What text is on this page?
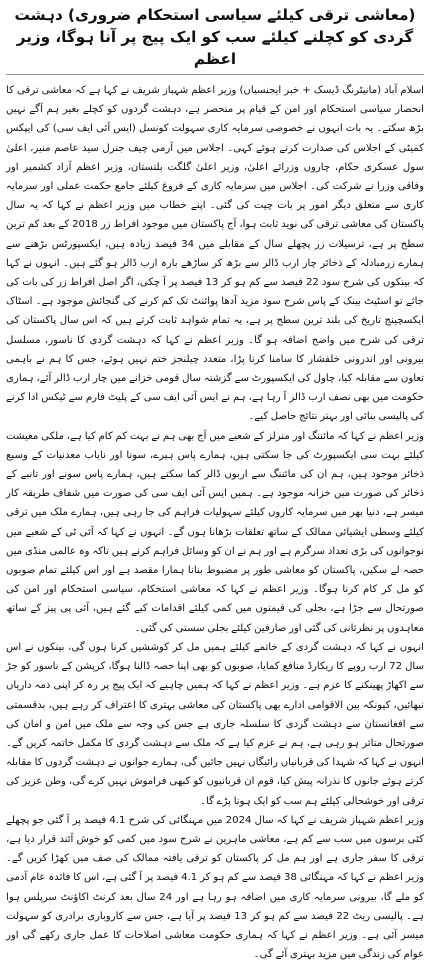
(معاشی ترقی کیلئے سیاسی استحکام ضروری) دہشت گردی کو کچلنے کیلئے سب کو ایک پیج پر آنا ہوگا، وزیر اعظم

اسلام آباد (مانیٹرنگ ڈیسک + خبر ایجنسیاں) وزیر اعظم شہباز شریف نے کہا ہے کہ معاشی ترقی کا انحصار سیاسی استحکام اور امن کے قیام پر منحصر ہے، دہشت گردوں کو کچلے بغیر ہم آگے نہیں بڑھ سکتے۔ یہ بات انہوں نے خصوصی سرمایہ کاری سہولت کونسل (ایس آئی ایف سی) کی ایپکس کمیٹی کے اجلاس کی صدارت کرتے ہوئے کہی۔ اجلاس میں آرمی چیف جنرل سید عاصم منیر، اعلیٰ سول عسکری حکام، چاروں وزرائے اعلیٰ، وزیر اعلیٰ گلگت بلتستان، وزیر اعظم آزاد کشمیر اور وفاقی وزرا نے شرکت کی۔ اجلاس میں سرمایہ کاری کے فروغ کیلئے جامع حکمت عملی اور سرمایہ کاری سے متعلق دیگر امور پر بات چیت کی گئی۔ اپنے خطاب میں وزیر اعظم نے کہا کہ یہ سال پاکستان کی معاشی ترقی کی نوید ثابت ہوا، آج پاکستان میں موجود افراط زر 2018 کے بعد کم ترین سطح پر ہے، ترسیلات زر پچھلے سال کے مقابلے میں 34 فیصد زیادہ ہیں، ایکسپورٹس بڑھنے سے ہمارے زرمبادلہ کے ذخائر چار ارب ڈالر سے بڑھ کر ساڑھے بارہ ارب ڈالر ہو گئے ہیں۔ انہوں نے کہا کہ بینکوں کی شرح سود 22 فیصد سے کم ہو کر 13 فیصد پر آ چکی، اگر اصل افراط زر کی بات کی جائے تو اسٹیٹ بینک کے پاس شرح سود مزید آدھا پوائنٹ تک کم کرنے کی گنجائش موجود ہے۔ اسٹاک ایکسچینج تاریخ کی بلند ترین سطح پر ہے، یہ تمام شواہد ثابت کرتے ہیں کہ اس سال پاکستان کی ترقی کی شرح میں واضح اضافہ ہو گا۔ وزیر اعظم نے کہا کہ دہشت گردی کا ناسور، مسلسل بیرونی اور اندرونی خلفشار کا سامنا کرنا پڑا، متعدد چیلنجز ختم نہیں ہوئے، جس کا ہم نے باہمی تعاون سے مقابلہ کیا، چاول کی ایکسپورٹ سے گزشتہ سال قومی خزانے میں چار ارب ڈالر آئے، ہماری حکومت میں بھی نصف ارب ڈالر آ رہا ہے، ہم نے ایس آئی ایف سی کے پلیٹ فارم سے ٹیکس ادا کرنے کی پالیسی بنائی اور بہتر نتائج حاصل کیے۔

وزیر اعظم نے کہا کہ مائننگ اور منرلز کے شعبے میں آج بھی ہم نے بہت کم کام کیا ہے، ملکی معیشت کیلئے بہت سی ایکسپورٹ کی جا سکتی ہیں، ہمارے پاس ہیرے، سونا اور نایاب معدنیات کے وسیع ذخائر موجود ہیں، ہم ان کی مائننگ سے اربوں ڈالر کما سکتے ہیں، ہمارے پاس سونے اور تانبے کے ذخائر کی صورت میں خزانہ موجود ہے۔ ہمیں ایس آئی ایف سی کی صورت میں شفاف طریقہ کار میسر ہے، دنیا بھر میں سرمایہ کاروں کیلئے سہولیات فراہم کی جا رہی ہیں، ہمارے ملک میں ترقی کیلئے وسطی ایشیائی ممالک کے ساتھ تعلقات بڑھانا ہوں گے۔ انہوں نے کہا کہ آئی ٹی کے شعبے میں نوجوانوں کی بڑی تعداد سرگرم ہے اور ہم نے ان کو وسائل فراہم کرنے ہیں تاکہ وہ عالمی منڈی میں حصہ لے سکیں، پاکستان کو معاشی طور پر مضبوط بنانا ہمارا مقصد ہے اور اس کیلئے تمام صوبوں کو مل کر کام کرنا ہوگا۔ وزیر اعظم نے کہا کہ معاشی استحکام، سیاسی استحکام اور امن کی صورتحال سے جڑا ہے، بجلی کی قیمتوں میں کمی کیلئے اقدامات کیے گئے ہیں، آئی پی پیز کے ساتھ معاہدوں پر نظرثانی کی گئی اور صارفین کیلئے بجلی سستی کی گئی۔

انہوں نے کہا کہ دہشت گردی کے خاتمے کیلئے ہمیں مل کر کوششیں کرنا ہوں گی، بینکوں نے اس سال 72 ارب روپے کا ریکارڈ منافع کمایا، صوبوں کو بھی اپنا حصہ ڈالنا ہوگا، کرپشن کے ناسور کو جڑ سے اکھاڑ پھینکنے کا عزم ہے۔ وزیر اعظم نے کہا کہ ہمیں چاہیے کہ ایک پیج پر رہ کر اپنی ذمہ داریاں نبھائیں، کیونکہ بین الاقوامی ادارے بھی پاکستان کی معاشی بہتری کا اعتراف کر رہے ہیں، بدقسمتی سے افغانستان سے دہشت گردی کا سلسلہ جاری ہے جس کی وجہ سے ملک میں امن و امان کی صورتحال متاثر ہو رہی ہے، ہم نے عزم کیا ہے کہ ملک سے دہشت گردی کا مکمل خاتمہ کریں گے۔ انہوں نے کہا کہ شہدا کی قربانیاں رائیگاں نہیں جائیں گی، ہمارے جوانوں نے دہشت گردوں کا مقابلہ کرتے ہوئے جانوں کا نذرانہ پیش کیا، قوم ان قربانیوں کو کبھی فراموش نہیں کرے گی، وطن عزیز کی ترقی اور خوشحالی کیلئے ہم سب کو ایک ہونا پڑے گا۔

وزیر اعظم شہباز شریف نے کہا کہ سال 2024 میں مہنگائی کی شرح 4.1 فیصد پر آ گئی جو پچھلے کئی برسوں میں سب سے کم ہے، معاشی ماہرین نے شرح سود میں کمی کو خوش آئند قرار دیا ہے، ترقی کا سفر جاری ہے اور ہم مل کر پاکستان کو ترقی یافتہ ممالک کی صف میں کھڑا کریں گے۔ وزیر اعظم نے کہا کہ مہنگائی 38 فیصد سے کم ہو کر 4.1 فیصد پر آ گئی ہے، اس کا فائدہ عام آدمی کو ملے گا، بیرونی سرمایہ کاری میں اضافہ ہو رہا ہے اور 24 سال بعد کرنٹ اکاؤنٹ سرپلس ہوا ہے۔ پالیسی ریٹ 22 فیصد سے کم ہو کر 13 فیصد پر آیا ہے، جس سے کاروباری برادری کو سہولت میسر آئی ہے۔ وزیر اعظم نے کہا کہ ہماری حکومت معاشی اصلاحات کا عمل جاری رکھے گی اور عوام کی زندگی میں مزید بہتری آئے گی۔
